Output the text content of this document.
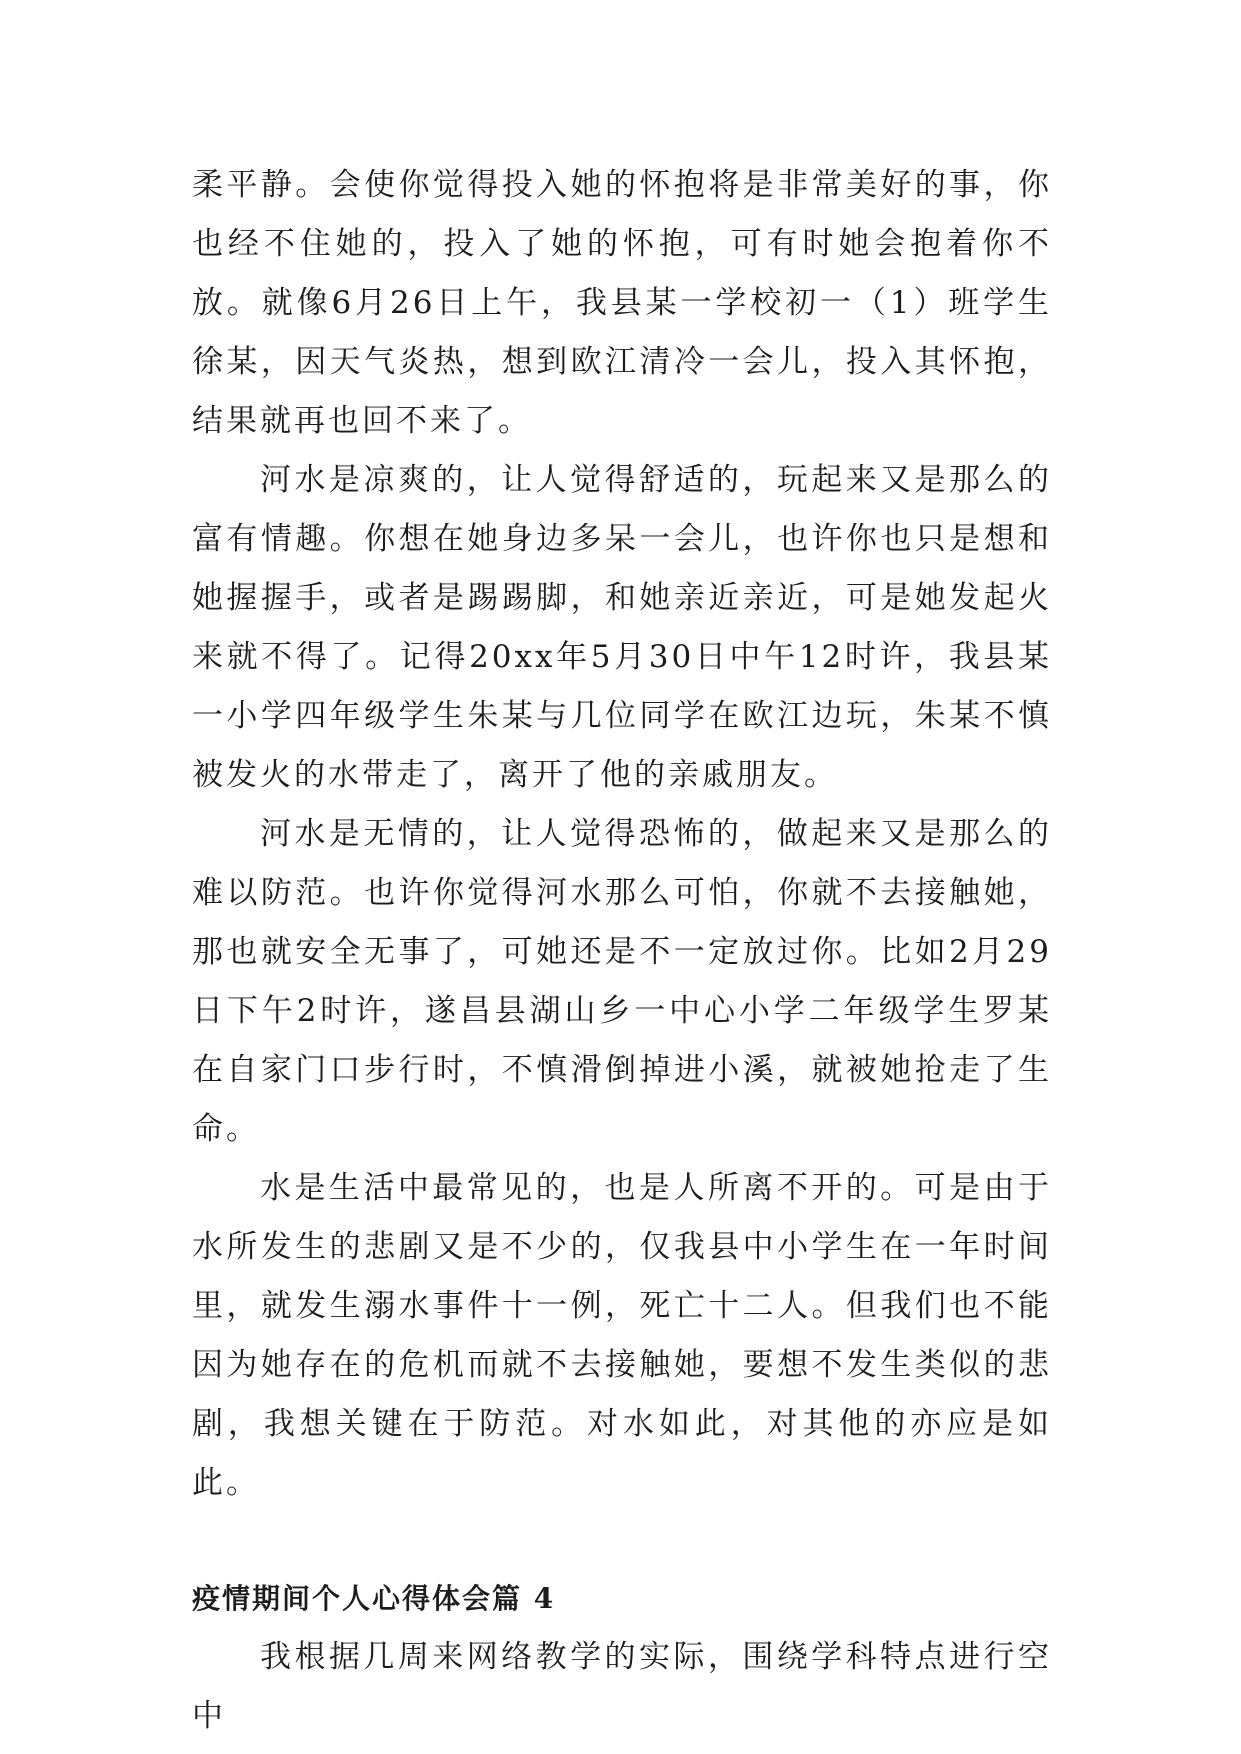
柔平静。会使你觉得投入她的怀抱将是非常美好的事，你也经不住她的，投入了她的怀抱，可有时她会抱着你不放。就像6月26日上午，我县某一学校初一（1）班学生徐某，因天气炎热，想到欧江清冷一会儿，投入其怀抱，结果就再也回不来了。

河水是凉爽的，让人觉得舒适的，玩起来又是那么的富有情趣。你想在她身边多呆一会儿，也许你也只是想和她握握手，或者是踢踢脚，和她亲近亲近，可是她发起火来就不得了。记得20xx年5月30日中午12时许，我县某一小学四年级学生朱某与几位同学在欧江边玩，朱某不慎被发火的水带走了，离开了他的亲戚朋友。

河水是无情的，让人觉得恐怖的，做起来又是那么的难以防范。也许你觉得河水那么可怕，你就不去接触她，那也就安全无事了，可她还是不一定放过你。比如2月29日下午2时许，遂昌县湖山乡一中心小学二年级学生罗某在自家门口步行时，不慎滑倒掉进小溪，就被她抢走了生命。

水是生活中最常见的，也是人所离不开的。可是由于水所发生的悲剧又是不少的，仅我县中小学生在一年时间里，就发生溺水事件十一例，死亡十二人。但我们也不能因为她存在的危机而就不去接触她，要想不发生类似的悲剧，我想关键在于防范。对水如此，对其他的亦应是如此。

疫情期间个人心得体会篇 4

我根据几周来网络教学的实际，围绕学科特点进行空中
